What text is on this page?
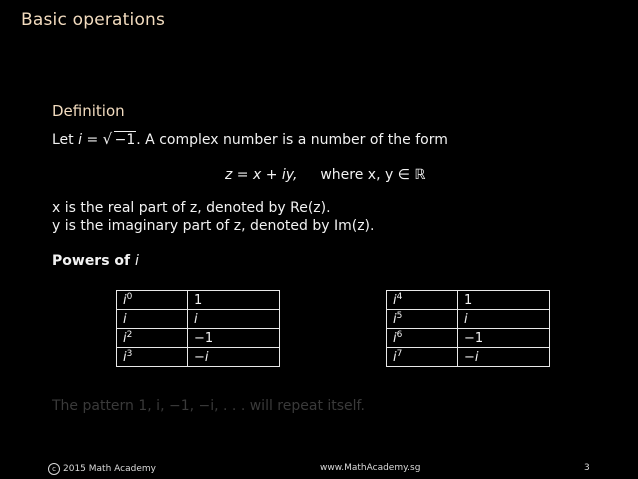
Basic operations
Definition
Let i = √ −1. A complex number is a number of the form
z = x + iy, where x, y ∈ ℝ
x is the real part of z, denoted by Re(z).
y is the imaginary part of z, denoted by Im(z).
Powers of i
$i^0$	1
i	i
$i^2$	−1
$i^3$	−i
$i^4$	1
$i^5$	i
$i^6$	−1
$i^7$	−i
The pattern 1, i, −1, −i, . . . will repeat itself.
c 2015 Math Academy	www.MathAcademy.sg	3
